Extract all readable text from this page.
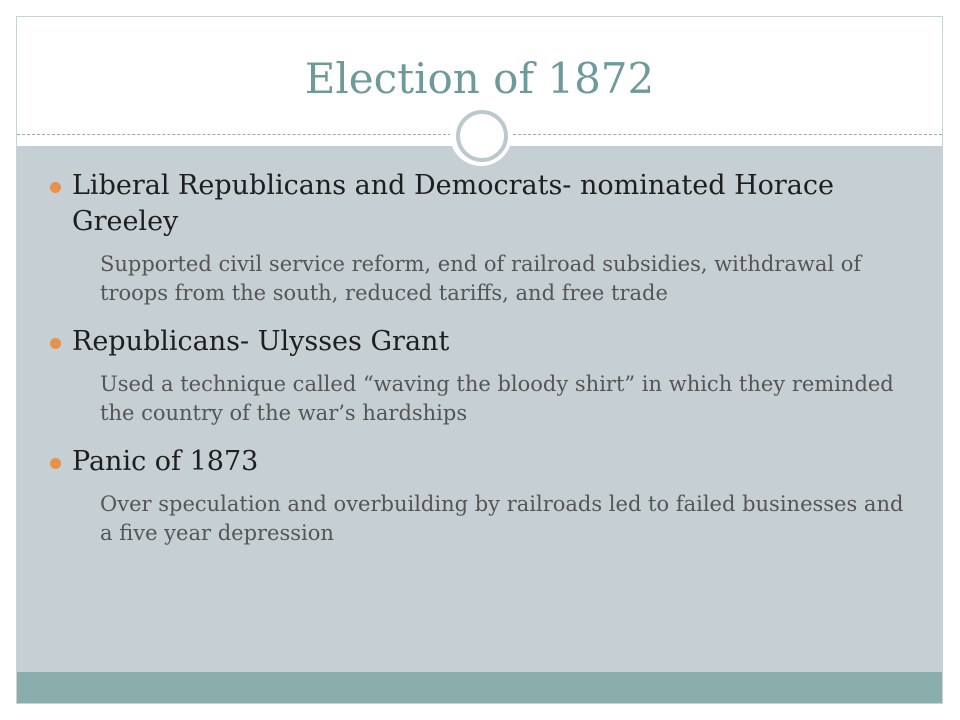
Election of 1872
Liberal Republicans and Democrats- nominated Horace Greeley
Supported civil service reform, end of railroad subsidies, withdrawal of troops from the south, reduced tariffs, and free trade
Republicans- Ulysses Grant
Used a technique called “waving the bloody shirt” in which they reminded the country of the war’s hardships
Panic of 1873
Over speculation and overbuilding by railroads led to failed businesses and a five year depression
